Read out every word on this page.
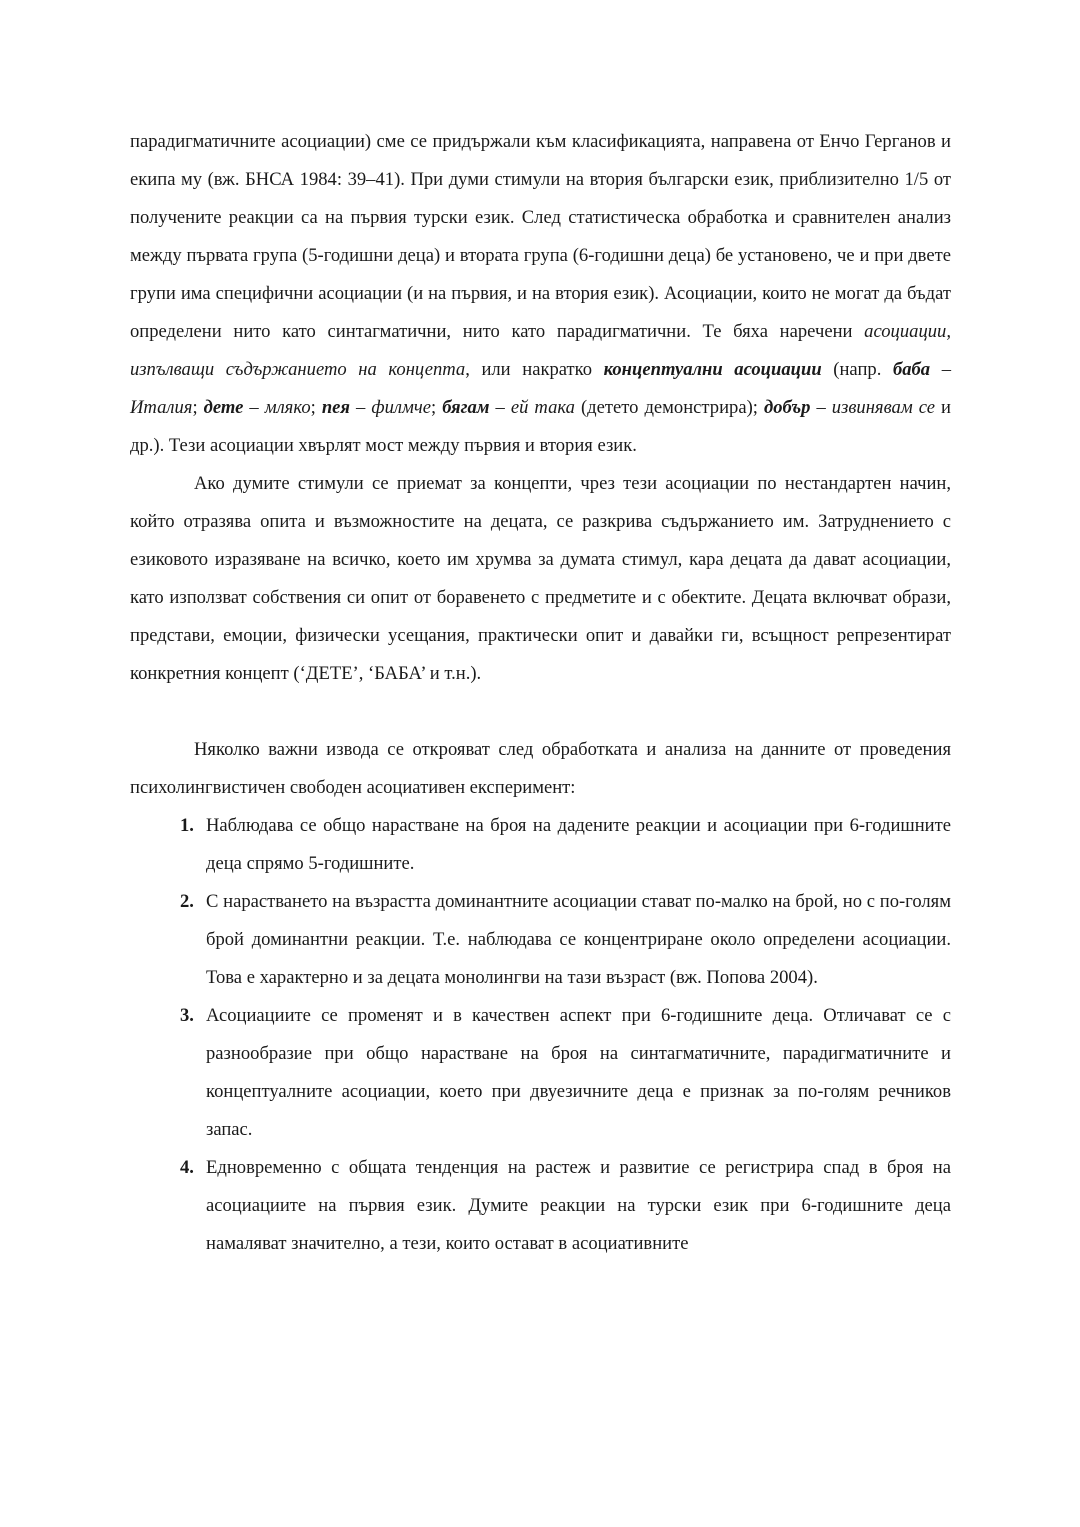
парадигматичните асоциации) сме се придържали към класификацията, направена от Енчо Герганов и екипа му (вж. БНСА 1984: 39–41). При думи стимули на втория български език, приблизително 1/5 от получените реакции са на първия турски език. След статистическа обработка и сравнителен анализ между първата група (5-годишни деца) и втората група (6-годишни деца) бе установено, че и при двете групи има специфични асоциации (и на първия, и на втория език). Асоциации, които не могат да бъдат определени нито като синтагматични, нито като парадигматични. Те бяха наречени асоциации, изпълващи съдържанието на концепта, или накратко концептуални асоциации (напр. баба – Италия; дете – мляко; пея – филмче; бягам – ей така (детето демонстрира); добър – извинявам се и др.). Тези асоциации хвърлят мост между първия и втория език.

Ако думите стимули се приемат за концепти, чрез тези асоциации по нестандартен начин, който отразява опита и възможностите на децата, се разкрива съдържанието им. Затруднението с езиковото изразяване на всичко, което им хрумва за думата стимул, кара децата да дават асоциации, като използват собствения си опит от боравенето с предметите и с обектите. Децата включват образи, представи, емоции, физически усещания, практически опит и давайки ги, всъщност репрезентират конкретния концепт (‘ДЕТЕ’, ‘БАБА’ и т.н.).

Няколко важни извода се открояват след обработката и анализа на данните от проведения психолингвистичен свободен асоциативен експеримент:

1. Наблюдава се общо нарастване на броя на дадените реакции и асоциации при 6-годишните деца спрямо 5-годишните.
2. С нарастването на възрастта доминантните асоциации стават по-малко на брой, но с по-голям брой доминантни реакции. Т.е. наблюдава се концентриране около определени асоциации. Това е характерно и за децата монолингви на тази възраст (вж. Попова 2004).
3. Асоциациите се променят и в качествен аспект при 6-годишните деца. Отличават се с разнообразие при общо нарастване на броя на синтагматичните, парадигматичните и концептуалните асоциации, което при двуезичните деца е признак за по-голям речников запас.
4. Едновременно с общата тенденция на растеж и развитие се регистрира спад в броя на асоциациите на първия език. Думите реакции на турски език при 6-годишните деца намаляват значително, а тези, които остават в асоциативните
